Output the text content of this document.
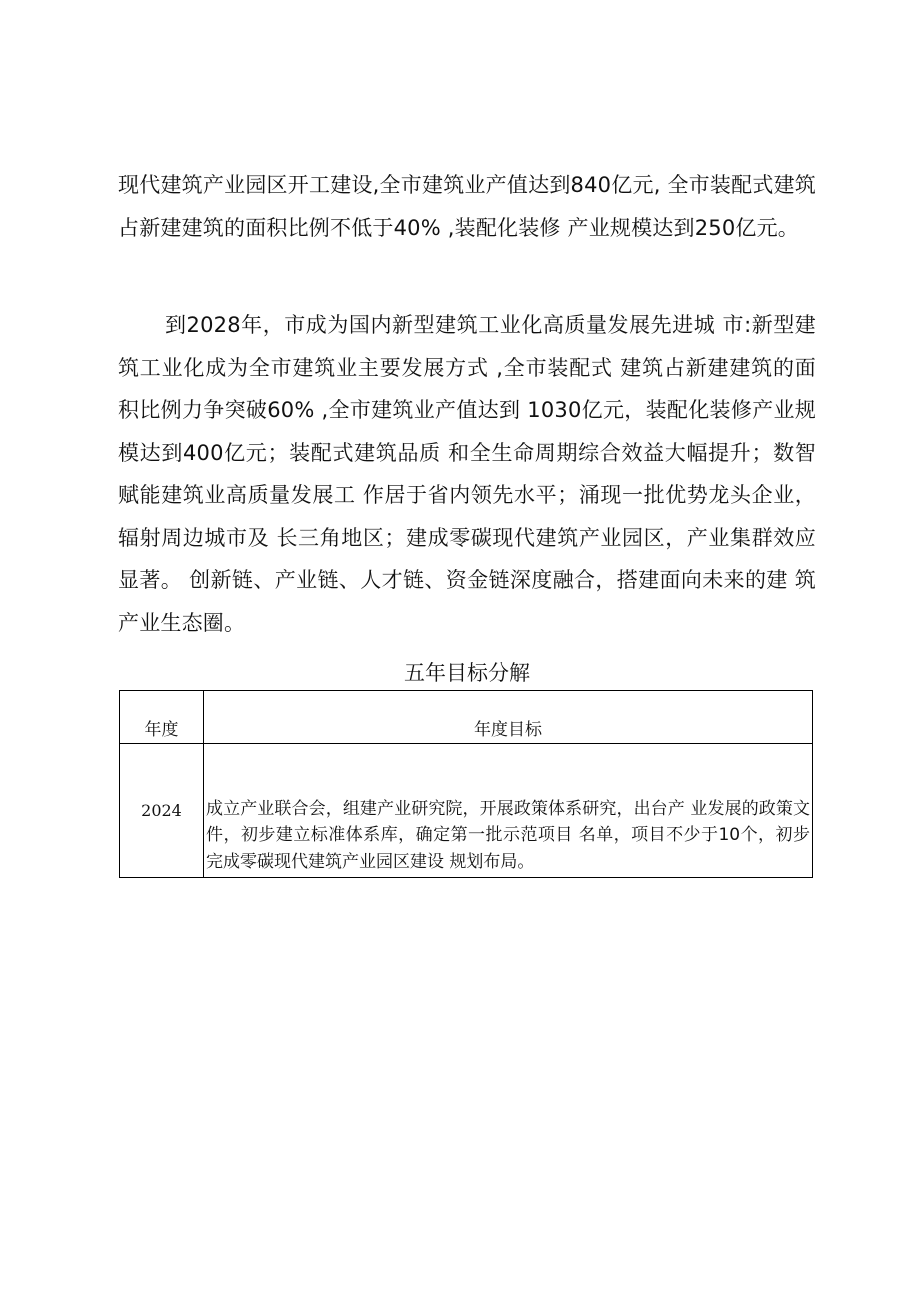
现代建筑产业园区开工建设,全市建筑业产值达到840亿元, 全市装配式建筑占新建建筑的面积比例不低于40% ,装配化装修 产业规模达到250亿元。
到2028年，市成为国内新型建筑工业化高质量发展先进城 市:新型建筑工业化成为全市建筑业主要发展方式 ,全市装配式 建筑占新建建筑的面积比例力争突破60% ,全市建筑业产值达到 1030亿元，装配化装修产业规模达到400亿元；装配式建筑品质 和全生命周期综合效益大幅提升；数智赋能建筑业高质量发展工 作居于省内领先水平；涌现一批优势龙头企业，辐射周边城市及 长三角地区；建成零碳现代建筑产业园区，产业集群效应显著。 创新链、产业链、人才链、资金链深度融合，搭建面向未来的建 筑产业生态圈。
五年目标分解
年度	年度目标
2024	成立产业联合会，组建产业研究院，开展政策体系研究，出台产 业发展的政策文件，初步建立标准体系库，确定第一批示范项目 名单，项目不少于10个，初步完成零碳现代建筑产业园区建设 规划布局。
